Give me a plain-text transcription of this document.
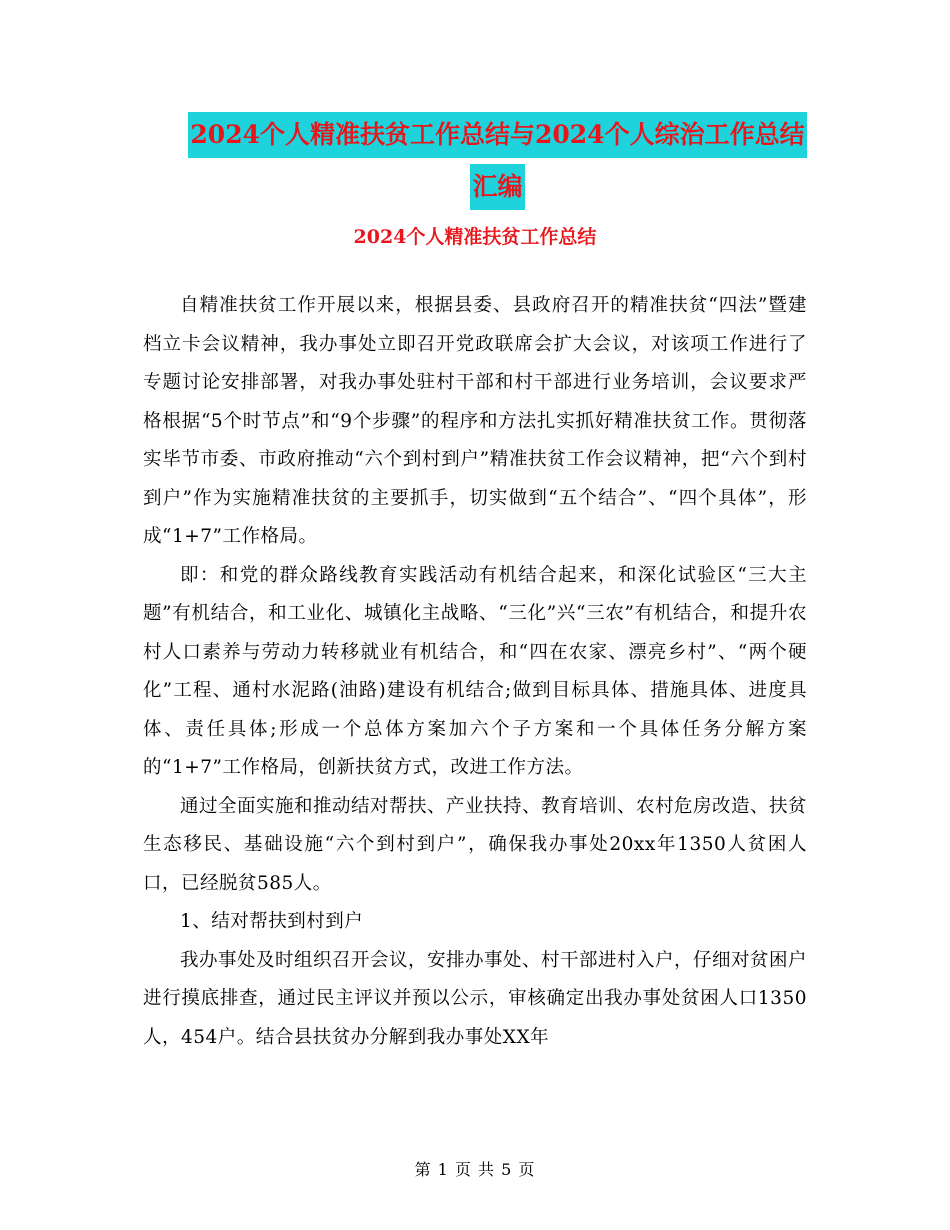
2024个人精准扶贫工作总结与2024个人综治工作总结
汇编
2024个人精准扶贫工作总结

自精准扶贫工作开展以来，根据县委、县政府召开的精准扶贫“四法”暨建档立卡会议精神，我办事处立即召开党政联席会扩大会议，对该项工作进行了专题讨论安排部署，对我办事处驻村干部和村干部进行业务培训，会议要求严格根据“5个时节点”和“9个步骤”的程序和方法扎实抓好精准扶贫工作。贯彻落实毕节市委、市政府推动“六个到村到户”精准扶贫工作会议精神，把“六个到村到户”作为实施精准扶贫的主要抓手，切实做到“五个结合”、“四个具体”，形成“1+7”工作格局。

即：和党的群众路线教育实践活动有机结合起来，和深化试验区“三大主题”有机结合，和工业化、城镇化主战略、“三化”兴“三农”有机结合，和提升农村人口素养与劳动力转移就业有机结合，和“四在农家、漂亮乡村”、“两个硬化”工程、通村水泥路(油路)建设有机结合;做到目标具体、措施具体、进度具体、责任具体;形成一个总体方案加六个子方案和一个具体任务分解方案的“1+7”工作格局，创新扶贫方式，改进工作方法。

通过全面实施和推动结对帮扶、产业扶持、教育培训、农村危房改造、扶贫生态移民、基础设施“六个到村到户”，确保我办事处20xx年1350人贫困人口，已经脱贫585人。

1、结对帮扶到村到户

我办事处及时组织召开会议，安排办事处、村干部进村入户，仔细对贫困户进行摸底排查，通过民主评议并预以公示，审核确定出我办事处贫困人口1350人，454户。结合县扶贫办分解到我办事处XX年

第 1 页 共 5 页
